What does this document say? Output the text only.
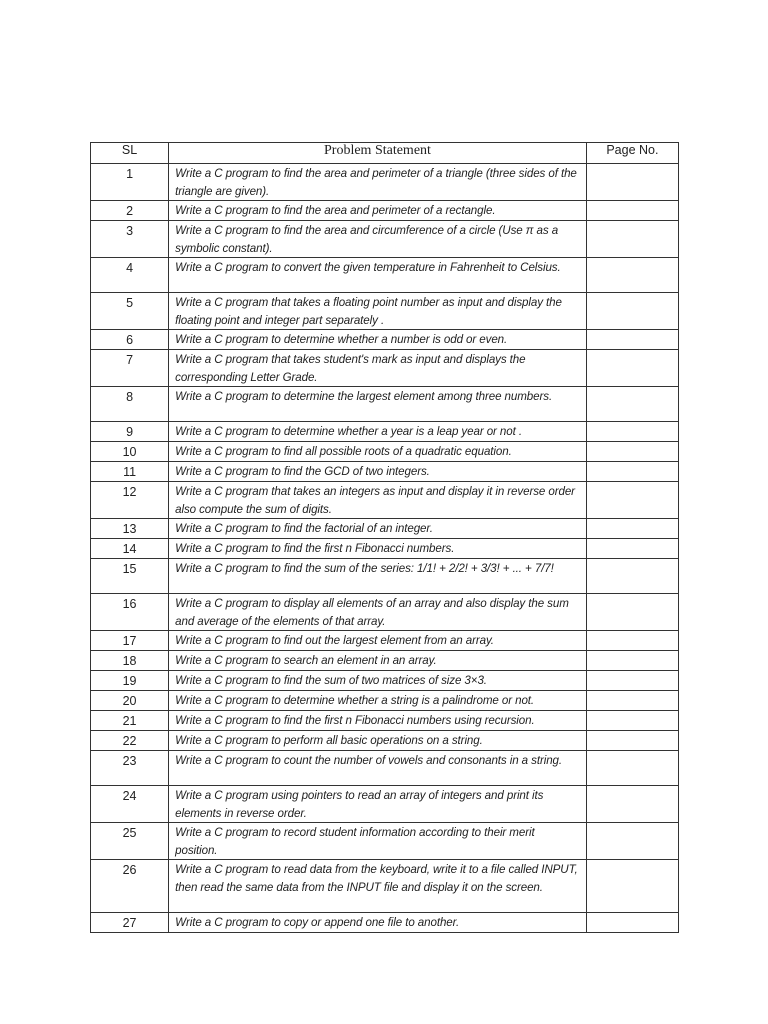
SL	Problem Statement	Page No.
1	Write a C program to find the area and perimeter of a triangle (three sides of the triangle are given).	
2	Write a C program to find the area and perimeter of a rectangle.	
3	Write a C program to find the area and circumference of a circle (Use π as a symbolic constant).	
4	Write a C program to convert the given temperature in Fahrenheit to Celsius.	
5	Write a C program that takes a floating point number as input and display the floating point and integer part separately .	
6	Write a C program to determine whether a number is odd or even.	
7	Write a C program that takes student's mark as input and displays the corresponding Letter Grade.	
8	Write a C program to determine the largest element among three numbers.	
9	Write a C program to determine whether a year is a leap year or not .	
10	Write a C program to find all possible roots of a quadratic equation.	
11	Write a C program to find the GCD of two integers.	
12	Write a C program that takes an integers as input and display it in reverse order also compute the sum of digits.	
13	Write a C program to find the factorial of an integer.	
14	Write a C program to find the first n Fibonacci numbers.	
15	Write a C program to find the sum of the series: 1/1! + 2/2! + 3/3! + ... + 7/7!	
16	Write a C program to display all elements of an array and also display the sum and average of the elements of that array.	
17	Write a C program to find out the largest element from an array.	
18	Write a C program to search an element in an array.	
19	Write a C program to find the sum of two matrices of size 3×3.	
20	Write a C program to determine whether a string is a palindrome or not.	
21	Write a C program to find the first n Fibonacci numbers using recursion.	
22	Write a C program to perform all basic operations on a string.	
23	Write a C program to count the number of vowels and consonants in a string.	
24	Write a C program using pointers to read an array of integers and print its elements in reverse order.	
25	Write a C program to record student information according to their merit position.	
26	Write a C program to read data from the keyboard, write it to a file called INPUT, then read the same data from the INPUT file and display it on the screen.	
27	Write a C program to copy or append one file to another.	
